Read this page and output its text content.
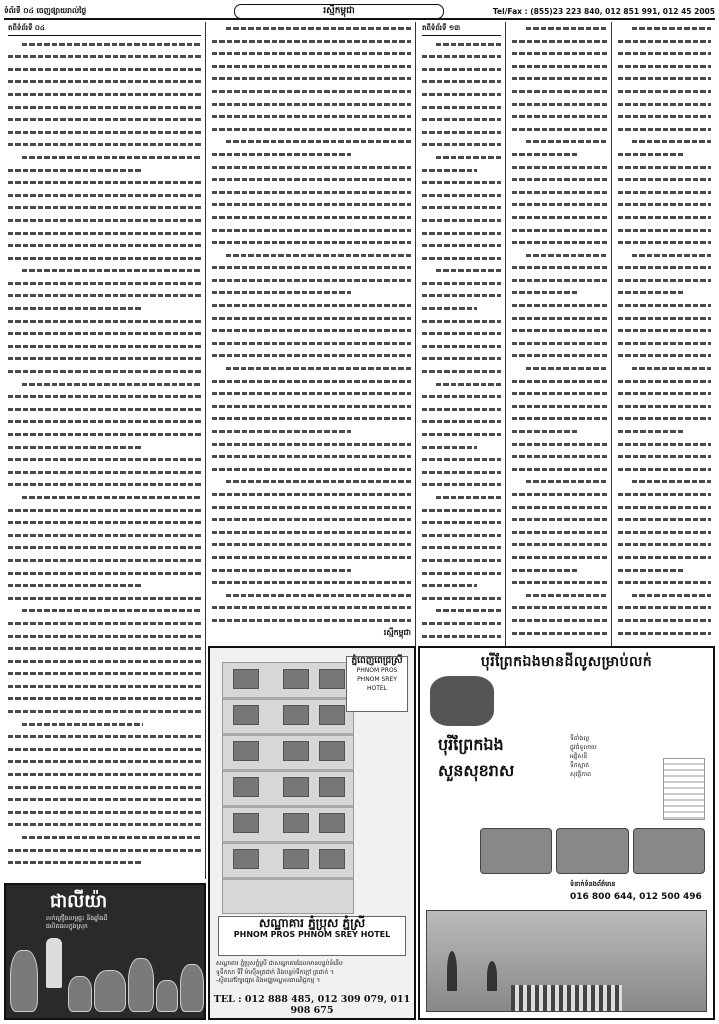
ទំព័រទី ០៤ ចេញផ្សាយរាល់ថ្ងៃ	រស្មីកម្ពុជា	Tel/Fax : (855)23 223 840, 012 851 991, 012 45 2005
តពីទំព័រទី ០៤
រស្មីកម្ពុជា
តពីទំព័រទី ១៣
ជាលីយ៉ា
លក់គ្រឿងលម្អផ្ទះ និងឆ្នាំងដី
ផលិតផលក្នុងស្រុក
ភ្នំពេញពេជ្រស្រី
PHNOM PROS
PHNOM SREY
HOTEL
សណ្ឋាគារ ភ្នំប្រុស ភ្នំស្រី
PHNOM PROS PHNOM SREY HOTEL
សណ្ឋាគារ ភ្នំប្រុសភ្នំស្រី ជាសណ្ឋាគារដែលមានបន្ទប់ទំនើប
ទូទឹកកក ទីវី ម៉ាស៊ីនត្រជាក់ និងបន្ទប់ទឹកក្តៅ ត្រជាក់ ។
-ស្ថិតនៅក្បែរផ្សារ និងមជ្ឈមណ្ឌលពាណិជ្ជកម្ម ។
TEL : 012 888 485, 012 309 079, 011 908 675
បុរីព្រែកឯងមានដីលូសម្រាប់លក់
បុរីព្រែកឯង
សួនសុខរាស
ទីតាំងល្អ
ផ្លូវធំទូលាយ
អគ្គិសនី
ទឹកស្អាត
សុវត្ថិភាព
ទំនាក់ទំនងព័ត៌មាន
016 800 644, 012 500 496
